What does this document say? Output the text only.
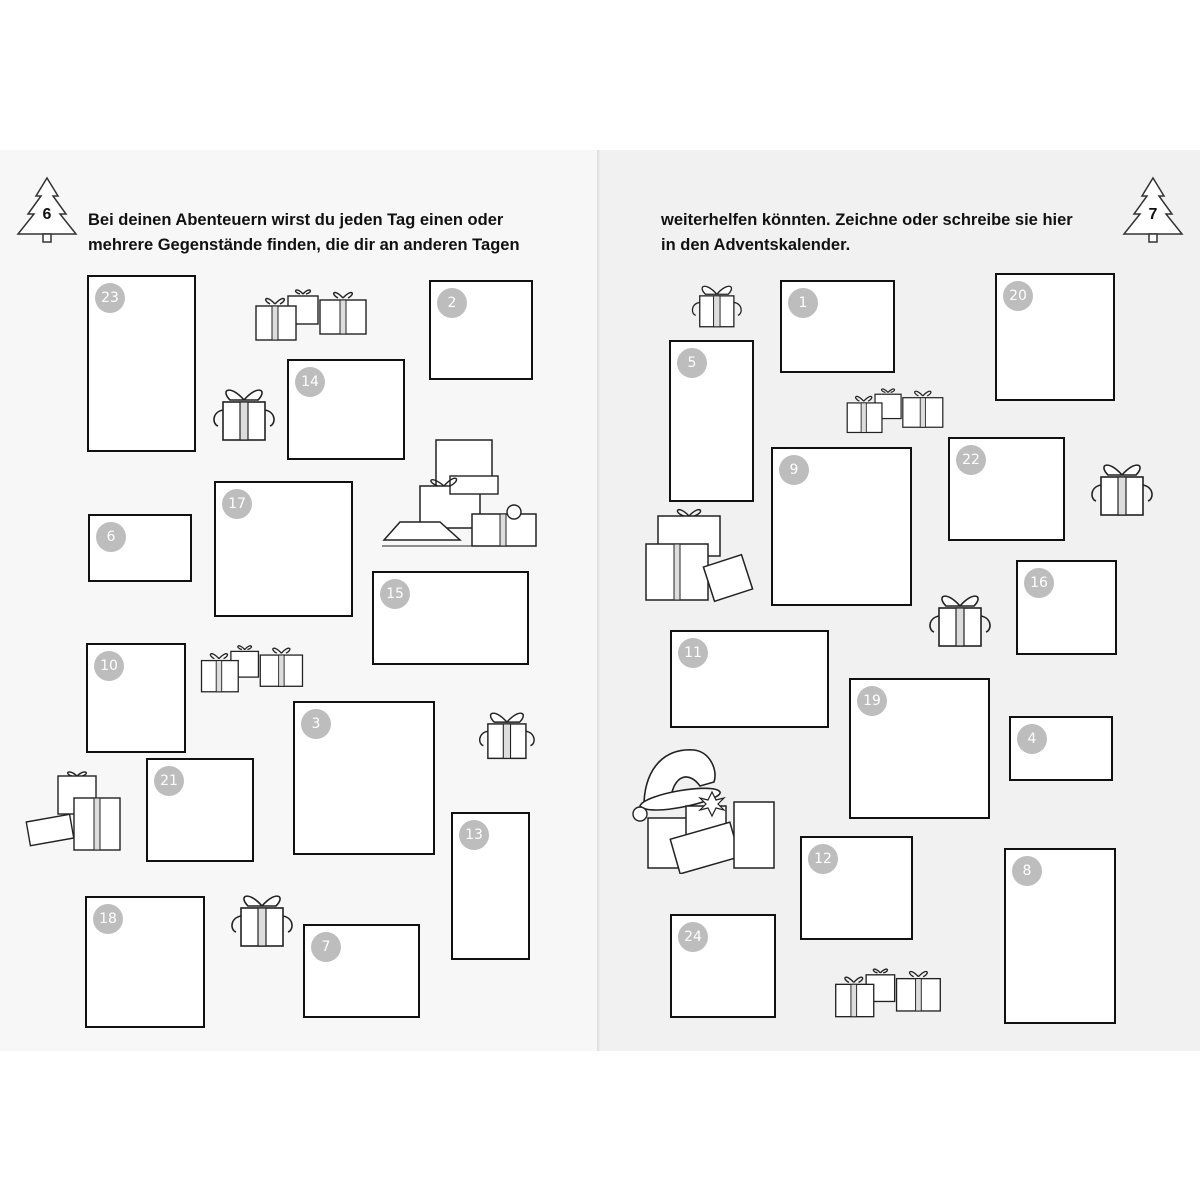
6	7
Bei deinen Abenteuern wirst du jeden Tag einen oder
mehrere Gegenstände finden, die dir an anderen Tagen
weiterhelfen könnten. Zeichne oder schreibe sie hier
in den Adventskalender.
23	2
14
6
17
15
10
3
21
13
18
7
1	20
5
9
22
16
11
19
4
12
8
24
